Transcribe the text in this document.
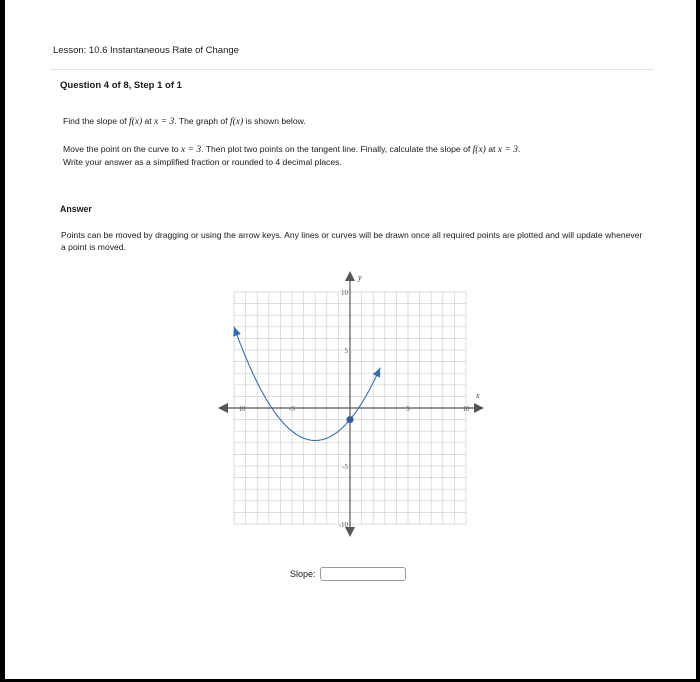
Lesson: 10.6 Instantaneous Rate of Change
Question 4 of 8, Step 1 of 1
Find the slope of f(x) at x = 3. The graph of f(x) is shown below.
Move the point on the curve to x = 3. Then plot two points on the tangent line. Finally, calculate the slope of f(x) at x = 3.
Write your answer as a simplified fraction or rounded to 4 decimal places.
Answer
Points can be moved by dragging or using the arrow keys. Any lines or curves will be drawn once all required points are plotted and will update whenever a point is moved.
10	-5	5	10
10
5
-5
-10
x
y
Slope:
